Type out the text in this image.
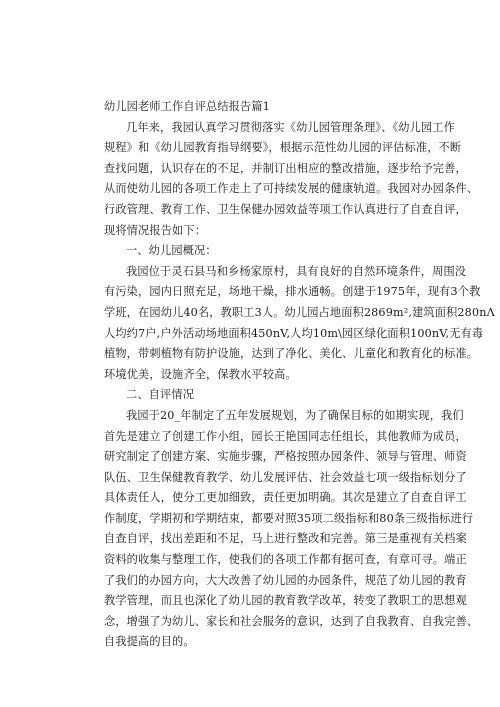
幼儿园老师工作自评总结报告篇1
几年来，我园认真学习贯彻落实《幼儿园管理条理》、《幼儿园工作
规程》和《幼儿园教育指导纲要》，根据示范性幼儿园的评估标准，不断
查找问题，认识存在的不足，并制订出相应的整改措施，逐步给予完善，
从而使幼儿园的各项工作走上了可持续发展的健康轨道。我园对办园条件、
行政管理、教育工作、卫生保健办园效益等项工作认真进行了自查自评，
现将情况报告如下：
一、幼儿园概况：
我园位于灵石县马和乡杨家原村，具有良好的自然环境条件，周围没
有污染，园内日照充足，场地干燥，排水通畅。创建于1975年，现有3个教
学班，在园幼儿40名，教职工3人。幼儿园占地面积2869m²,建筑面积280nΛ
人均约7户,户外活动场地面积450nV,人均10m\园区绿化面积100nV,无有毒
植物，带刺植物有防护设施，达到了净化、美化、儿童化和教育化的标准。
环境优美，设施齐全，保教水平较高。
二、自评情况
我园于20_年制定了五年发展规划，为了确保目标的如期实现，我们
首先是建立了创建工作小组，园长王艳国同志任组长，其他教师为成员，
研究制定了创建方案、实施步骤，严格按照办园条件、领导与管理、师资
队伍、卫生保健教育教学、幼儿发展评估、社会效益七项一级指标划分了
具体责任人，使分工更加细致，责任更加明确。其次是建立了自查自评工
作制度，学期初和学期结束，都要对照35项二级指标和80条三级指标进行
自查自评，找出差距和不足，马上进行整改和完善。第三是重视有关档案
资料的收集与整理工作，使我们的各项工作都有据可查，有章可寻。端正
了我们的办园方向，大大改善了幼儿园的办园条件，规范了幼儿园的教育
教学管理，而且也深化了幼儿园的教育教学改革，转变了教职工的思想观
念，增强了为幼儿、家长和社会服务的意识，达到了自我教育、自我完善、
自我提高的目的。
